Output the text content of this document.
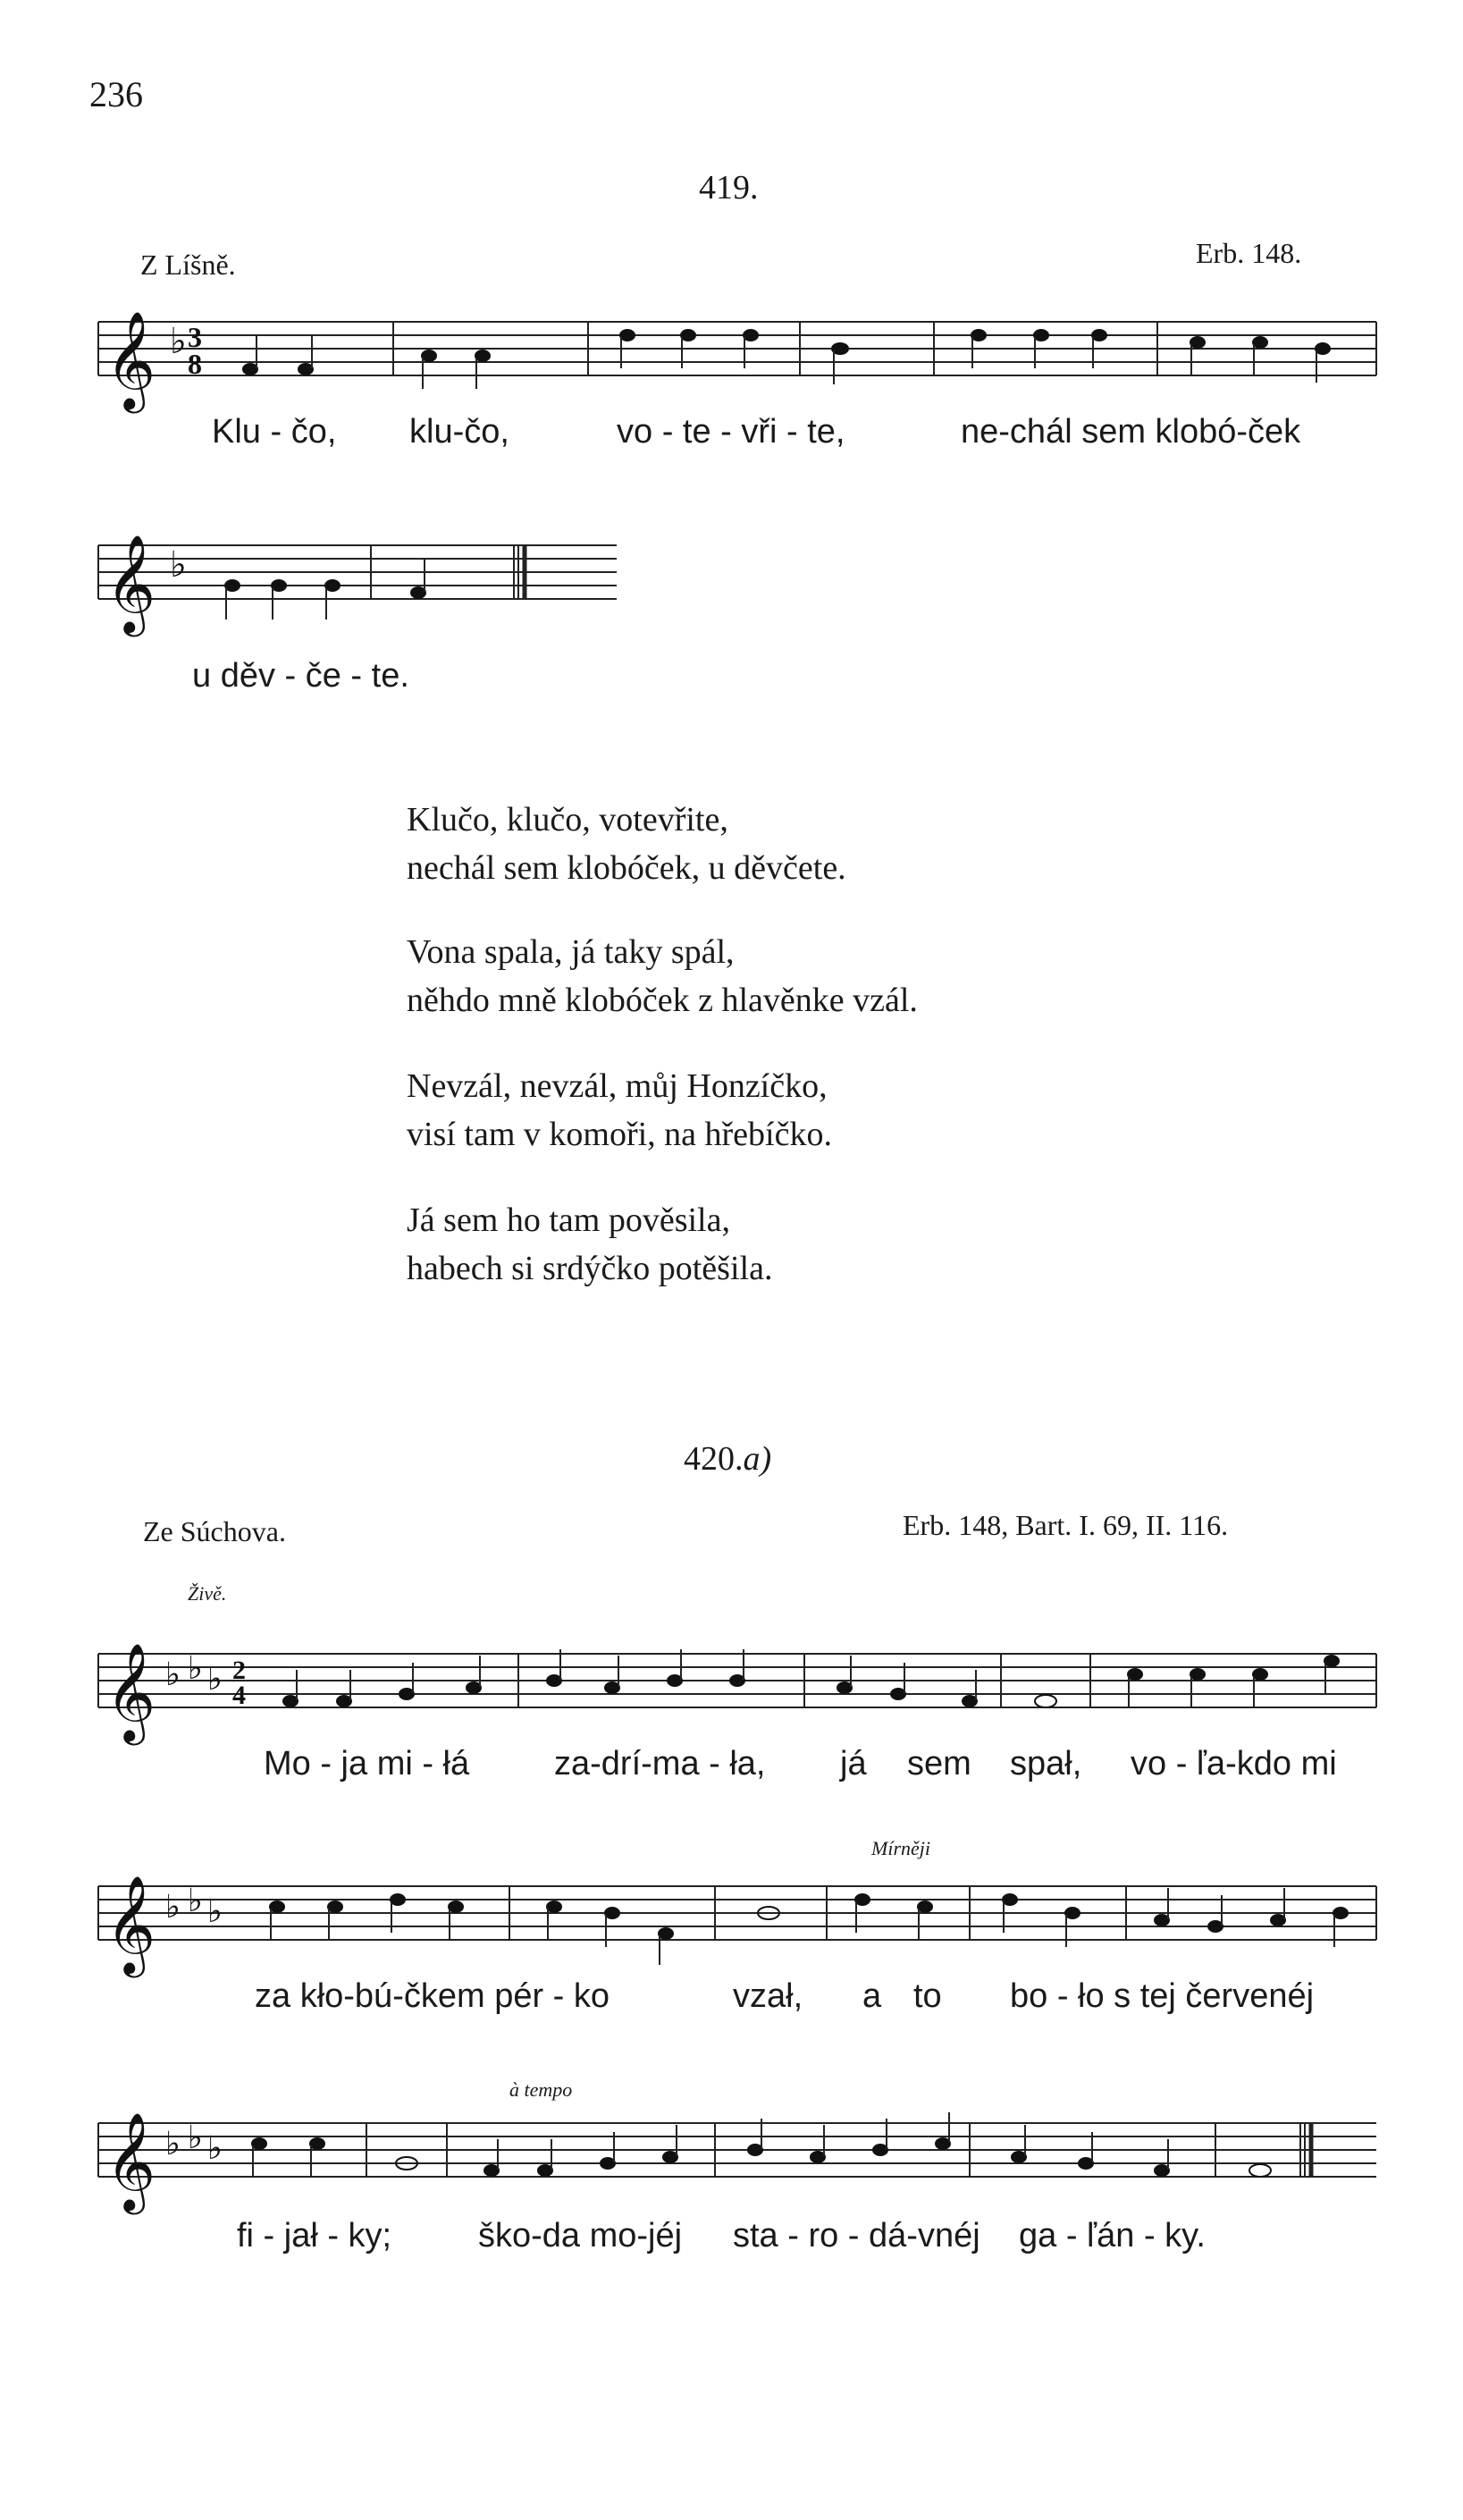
236
419.
Z Líšně.	Erb. 148.
𝄞 ♭ 3
8
Klu - čo, klu-čo,	vo - te - vři - te,	ne-chál sem klobó-ček
𝄞 ♭
u děv - če - te.
Klučo, klučo, votevřite,
nechál sem klobóček, u děvčete.
Vona spala, já taky spál,
něhdo mně klobóček z hlavěnke vzál.
Nevzál, nevzál, můj Honzíčko,
visí tam v komoři, na hřebíčko.
Já sem ho tam pověsila,
habech si srdýčko potěšila.
420.a)
Ze Súchova.	Erb. 148, Bart. I. 69, II. 116.
Živě.
𝄞 ♭ ♭ ♭ 2
4
Mo - ja mi - łá za-drí-ma - ła, já sem spał, vo - ľa-kdo mi
Mírněji
𝄞 ♭ ♭ ♭
za kło-bú-čkem pér - ko	vzał, a to bo - ło s tej červenéj
à tempo
𝄞 ♭ ♭ ♭
fi - jał - ky;	ško-da mo-jéj sta - ro - dá-vnéj ga - ľán - ky.
